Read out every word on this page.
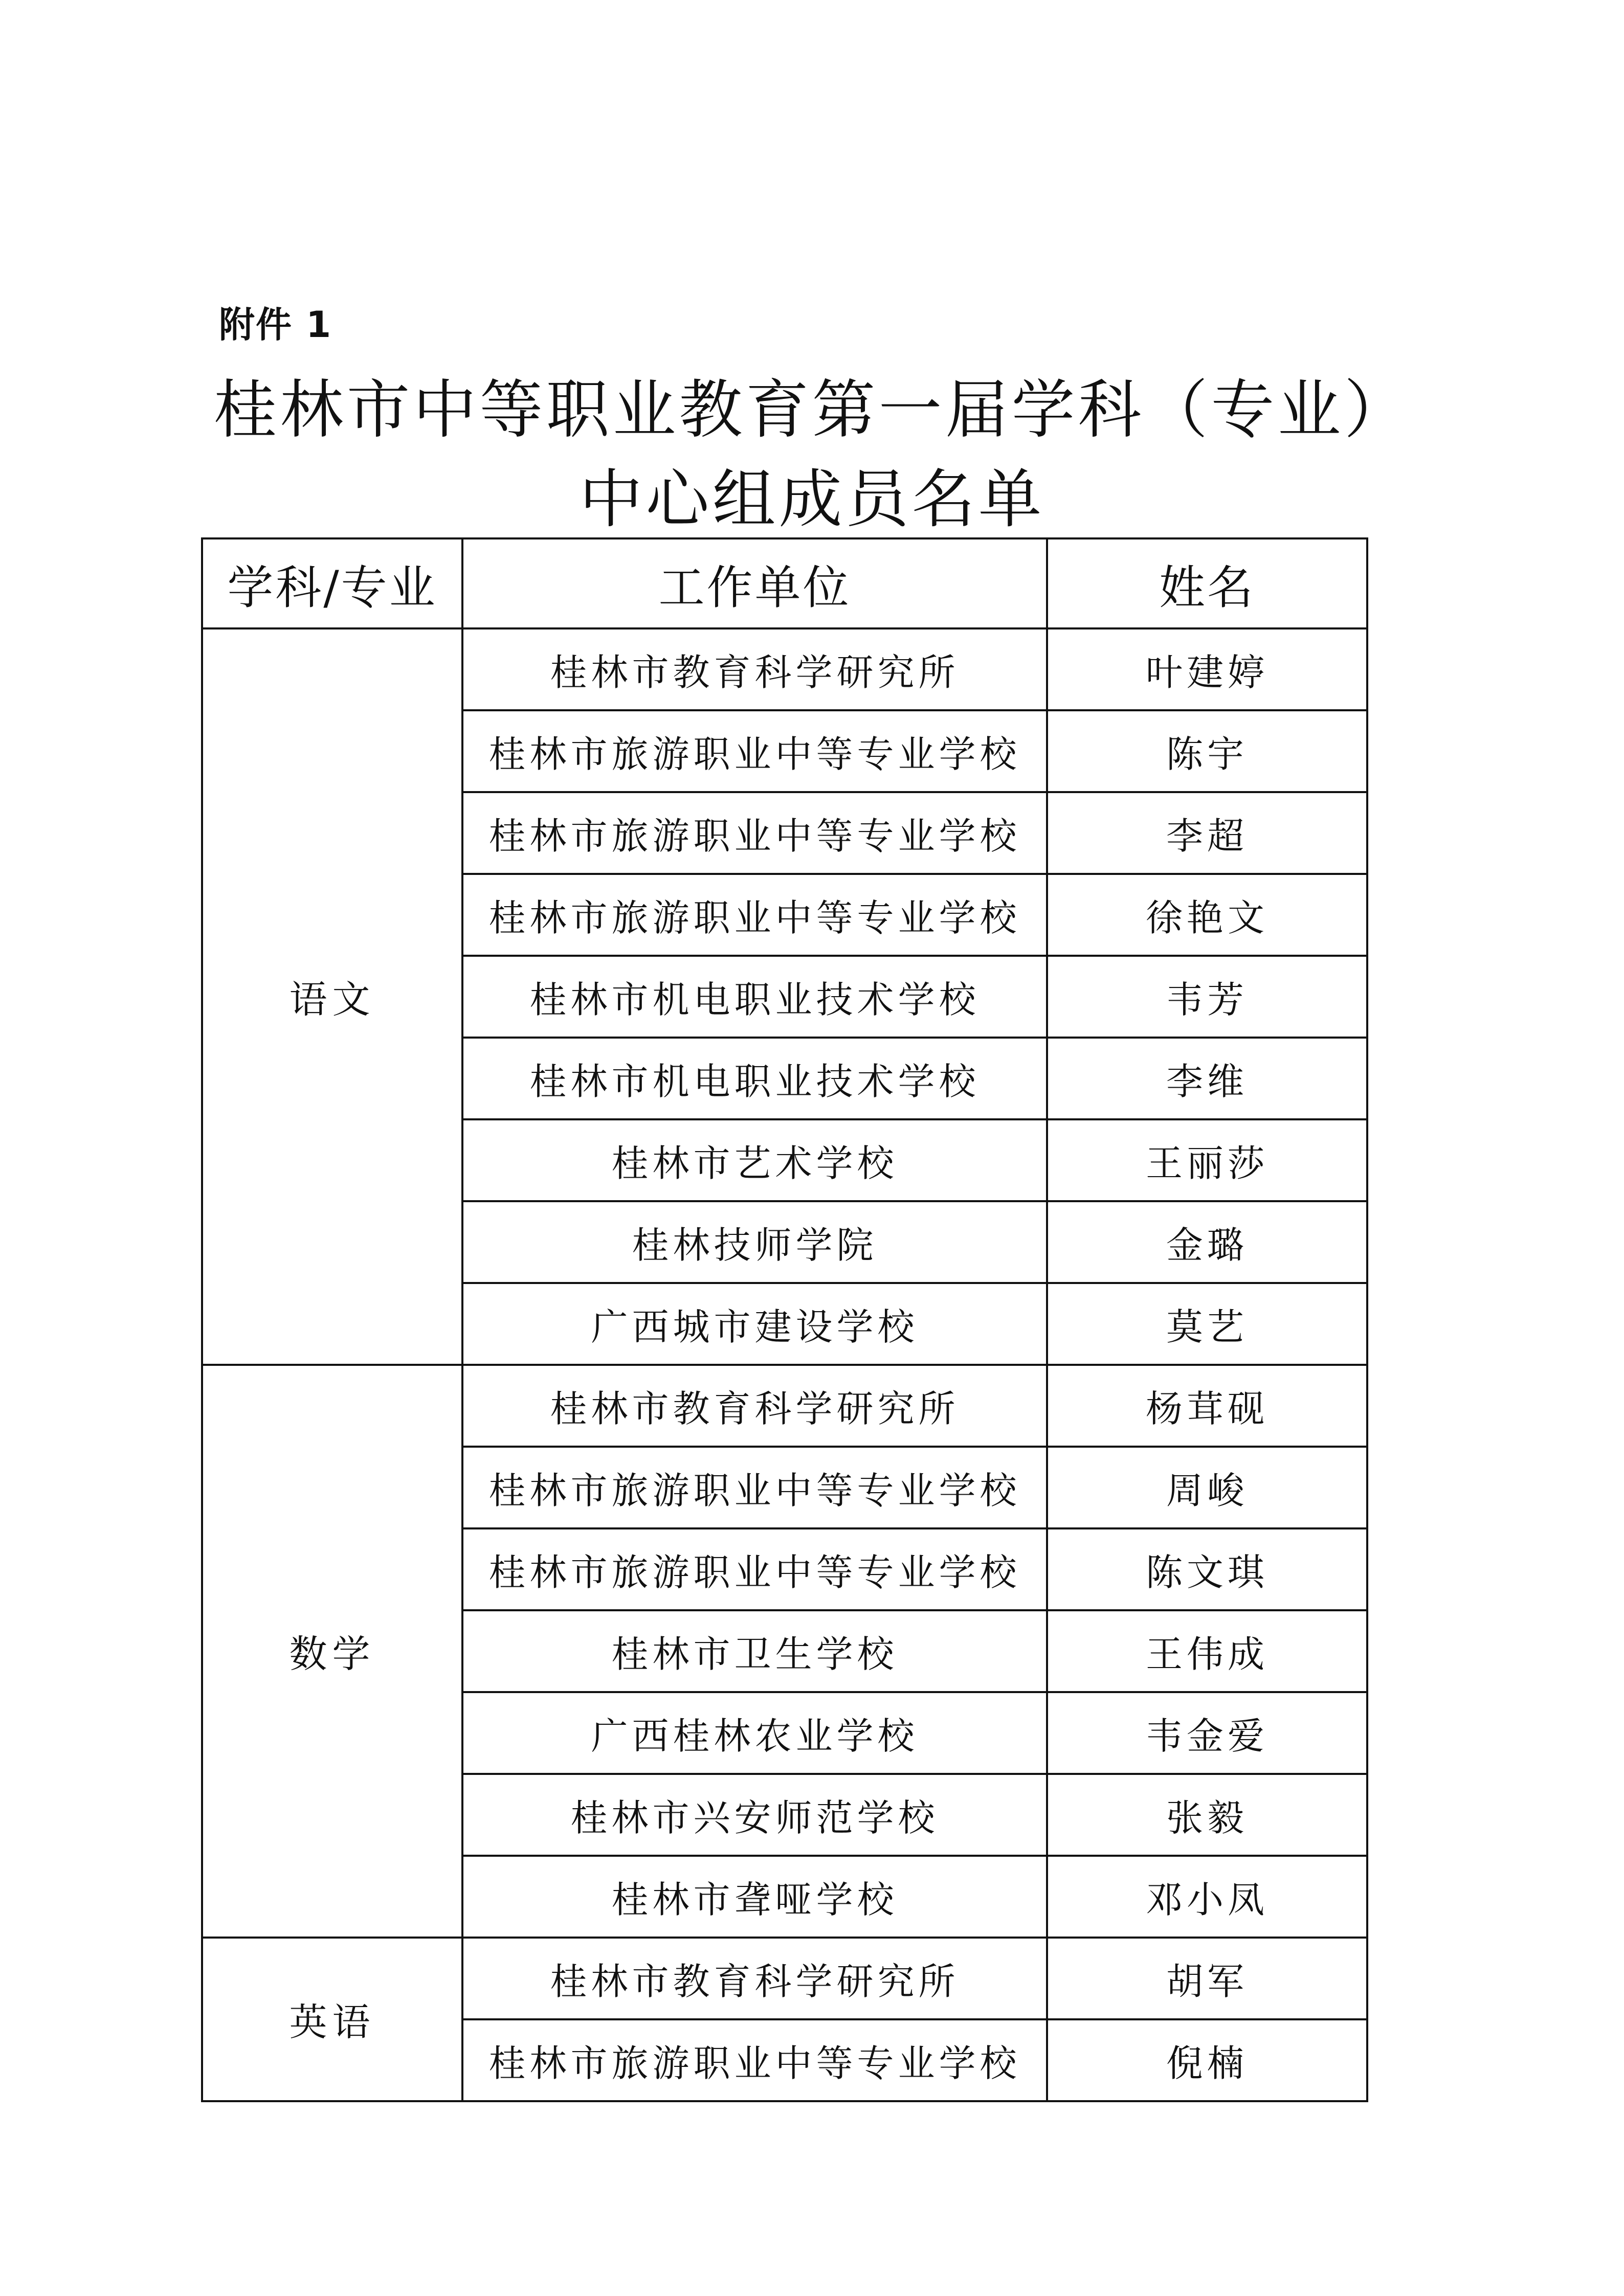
附件 1
桂林市中等职业教育第一届学科（专业）
中心组成员名单
学科/专业	工作单位	姓名
语文	桂林市教育科学研究所	叶建婷
	桂林市旅游职业中等专业学校	陈宇
	桂林市旅游职业中等专业学校	李超
	桂林市旅游职业中等专业学校	徐艳文
	桂林市机电职业技术学校	韦芳
	桂林市机电职业技术学校	李维
	桂林市艺术学校	王丽莎
	桂林技师学院	金璐
	广西城市建设学校	莫艺
数学	桂林市教育科学研究所	杨茸砚
	桂林市旅游职业中等专业学校	周峻
	桂林市旅游职业中等专业学校	陈文琪
	桂林市卫生学校	王伟成
	广西桂林农业学校	韦金爱
	桂林市兴安师范学校	张毅
	桂林市聋哑学校	邓小凤
英语	桂林市教育科学研究所	胡军
	桂林市旅游职业中等专业学校	倪楠
